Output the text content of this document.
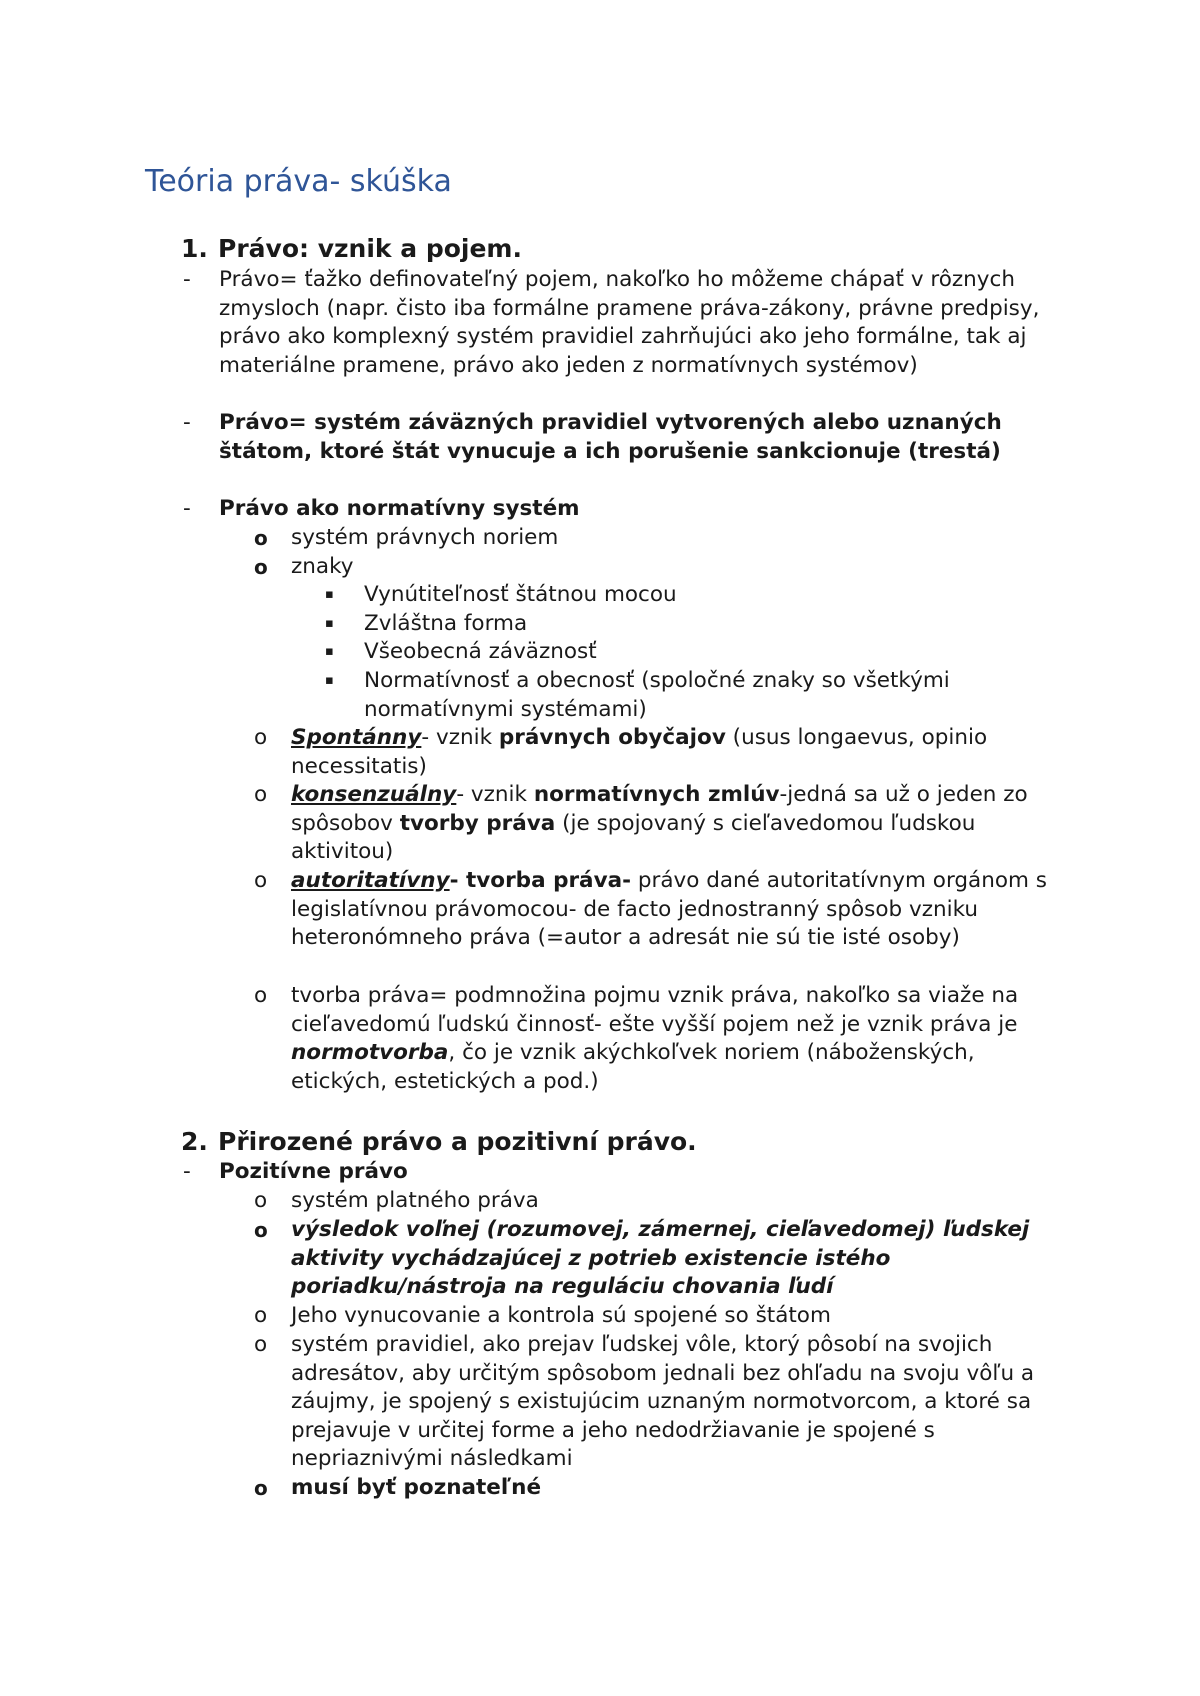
Teória práva- skúška
1. Právo: vznik a pojem.
- Právo= ťažko definovateľný pojem, nakoľko ho môžeme chápať v rôznych zmysloch (napr. čisto iba formálne pramene práva-zákony, právne predpisy, právo ako komplexný systém pravidiel zahrňujúci ako jeho formálne, tak aj materiálne pramene, právo ako jeden z normatívnych systémov)
- Právo= systém záväzných pravidiel vytvorených alebo uznaných štátom, ktoré štát vynucuje a ich porušenie sankcionuje (trestá)
- Právo ako normatívny systém
o systém právnych noriem
o znaky
▪ Vynútiteľnosť štátnou mocou
▪ Zvláštna forma
▪ Všeobecná záväznosť
▪ Normatívnosť a obecnosť (spoločné znaky so všetkými normatívnymi systémami)
o Spontánny- vznik právnych obyčajov (usus longaevus, opinio necessitatis)
o konsenzuálny- vznik normatívnych zmlúv-jedná sa už o jeden zo spôsobov tvorby práva (je spojovaný s cieľavedomou ľudskou aktivitou)
o autoritatívny- tvorba práva- právo dané autoritatívnym orgánom s legislatívnou právomocou- de facto jednostranný spôsob vzniku heteronómneho práva (=autor a adresát nie sú tie isté osoby)
o tvorba práva= podmnožina pojmu vznik práva, nakoľko sa viaže na cieľavedomú ľudskú činnosť- ešte vyšší pojem než je vznik práva je normotvorba, čo je vznik akýchkoľvek noriem (náboženských, etických, estetických a pod.)
2. Přirozené právo a pozitivní právo.
- Pozitívne právo
o systém platného práva
o výsledok voľnej (rozumovej, zámernej, cieľavedomej) ľudskej aktivity vychádzajúcej z potrieb existencie istého poriadku/nástroja na reguláciu chovania ľudí
o Jeho vynucovanie a kontrola sú spojené so štátom
o systém pravidiel, ako prejav ľudskej vôle, ktorý pôsobí na svojich adresátov, aby určitým spôsobom jednali bez ohľadu na svoju vôľu a záujmy, je spojený s existujúcim uznaným normotvorcom, a ktoré sa prejavuje v určitej forme a jeho nedodržiavanie je spojené s nepriaznivými následkami
o musí byť poznateľné
